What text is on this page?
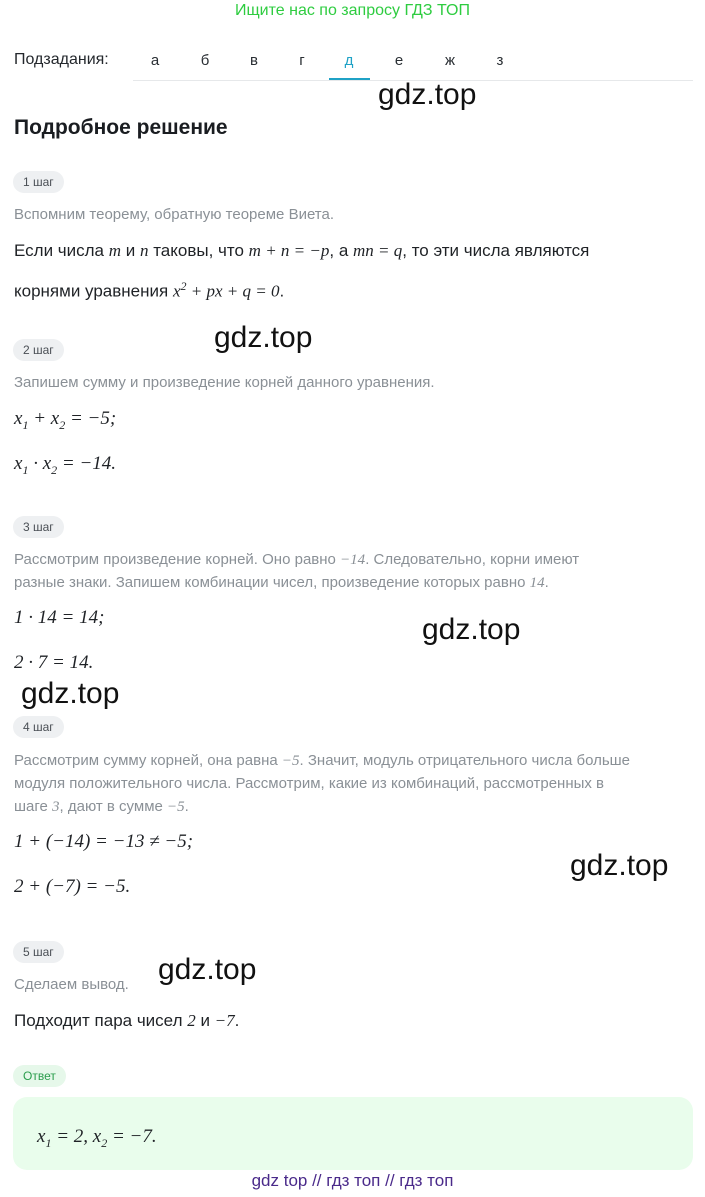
Ищите нас по запросу ГДЗ ТОП
Подзадания:	а	б	в	г	д	е	ж	з
gdz.top
Подробное решение
1 шаг
Вспомним теорему, обратную теореме Виета.
Если числа m и n таковы, что m + n = −p, а mn = q, то эти числа являются
корнями уравнения $x^2$ + px + q = 0.
gdz.top
2 шаг
Запишем сумму и произведение корней данного уравнения.
$x_1 + x_2 = -5$;
$x_1 \cdot x_2 = -14$.
3 шаг
Рассмотрим произведение корней. Оно равно −14. Следовательно, корни имеют
разные знаки. Запишем комбинации чисел, произведение которых равно 14.
1 · 14 = 14;	gdz.top
2 · 7 = 14.
gdz.top
4 шаг
Рассмотрим сумму корней, она равна −5. Значит, модуль отрицательного числа больше
модуля положительного числа. Рассмотрим, какие из комбинаций, рассмотренных в
шаге 3, дают в сумме −5.
1 + (−14) = −13 ≠ −5;
gdz.top
2 + (−7) = −5.
5 шаг
gdz.top
Сделаем вывод.
Подходит пара чисел 2 и −7.
Ответ
$x_1 = 2$, $x_2 = -7$.
gdz top // гдз топ // гдз топ
